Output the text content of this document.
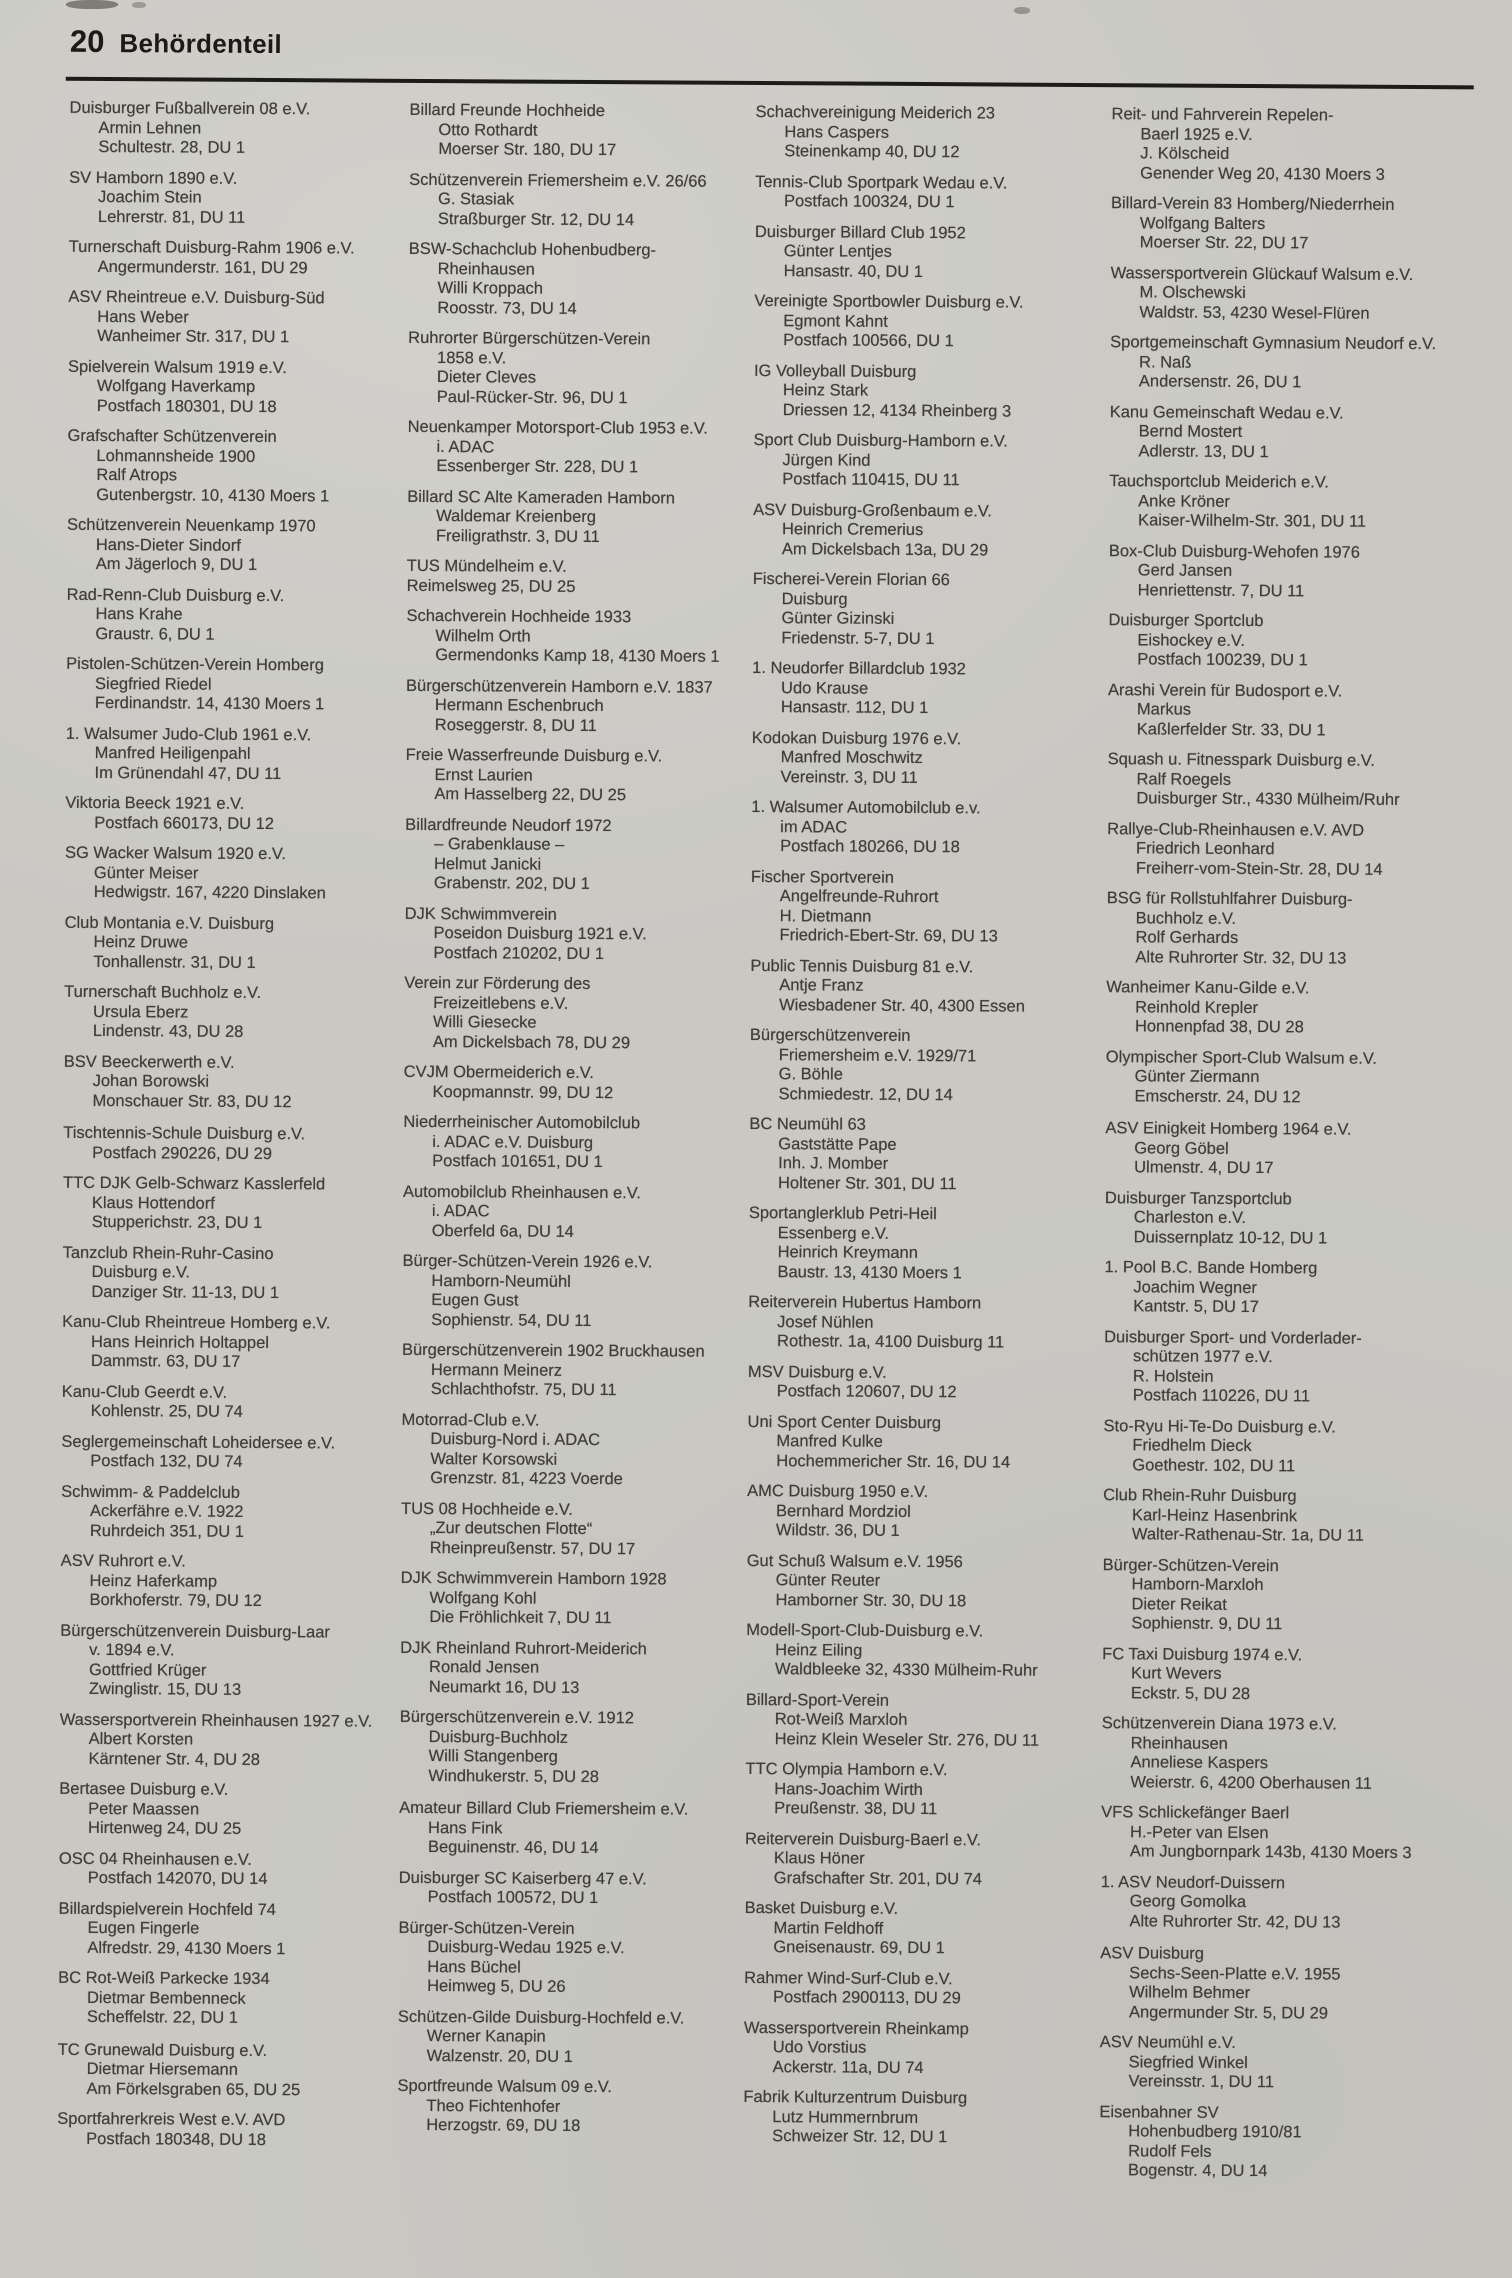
20 Behördenteil
Duisburger Fußballverein 08 e.V.
Armin Lehnen
Schultestr. 28, DU 1
SV Hamborn 1890 e.V.
Joachim Stein
Lehrerstr. 81, DU 11
Turnerschaft Duisburg-Rahm 1906 e.V.
Angermunderstr. 161, DU 29
ASV Rheintreue e.V. Duisburg-Süd
Hans Weber
Wanheimer Str. 317, DU 1
Spielverein Walsum 1919 e.V.
Wolfgang Haverkamp
Postfach 180301, DU 18
Grafschafter Schützenverein
Lohmannsheide 1900
Ralf Atrops
Gutenbergstr. 10, 4130 Moers 1
Schützenverein Neuenkamp 1970
Hans-Dieter Sindorf
Am Jägerloch 9, DU 1
Rad-Renn-Club Duisburg e.V.
Hans Krahe
Graustr. 6, DU 1
Pistolen-Schützen-Verein Homberg
Siegfried Riedel
Ferdinandstr. 14, 4130 Moers 1
1. Walsumer Judo-Club 1961 e.V.
Manfred Heiligenpahl
Im Grünendahl 47, DU 11
Viktoria Beeck 1921 e.V.
Postfach 660173, DU 12
SG Wacker Walsum 1920 e.V.
Günter Meiser
Hedwigstr. 167, 4220 Dinslaken
Club Montania e.V. Duisburg
Heinz Druwe
Tonhallenstr. 31, DU 1
Turnerschaft Buchholz e.V.
Ursula Eberz
Lindenstr. 43, DU 28
BSV Beeckerwerth e.V.
Johan Borowski
Monschauer Str. 83, DU 12
Tischtennis-Schule Duisburg e.V.
Postfach 290226, DU 29
TTC DJK Gelb-Schwarz Kasslerfeld
Klaus Hottendorf
Stupperichstr. 23, DU 1
Tanzclub Rhein-Ruhr-Casino
Duisburg e.V.
Danziger Str. 11-13, DU 1
Kanu-Club Rheintreue Homberg e.V.
Hans Heinrich Holtappel
Dammstr. 63, DU 17
Kanu-Club Geerdt e.V.
Kohlenstr. 25, DU 74
Seglergemeinschaft Loheidersee e.V.
Postfach 132, DU 74
Schwimm- & Paddelclub
Ackerfähre e.V. 1922
Ruhrdeich 351, DU 1
ASV Ruhrort e.V.
Heinz Haferkamp
Borkhoferstr. 79, DU 12
Bürgerschützenverein Duisburg-Laar
v. 1894 e.V.
Gottfried Krüger
Zwinglistr. 15, DU 13
Wassersportverein Rheinhausen 1927 e.V.
Albert Korsten
Kärntener Str. 4, DU 28
Bertasee Duisburg e.V.
Peter Maassen
Hirtenweg 24, DU 25
OSC 04 Rheinhausen e.V.
Postfach 142070, DU 14
Billardspielverein Hochfeld 74
Eugen Fingerle
Alfredstr. 29, 4130 Moers 1
BC Rot-Weiß Parkecke 1934
Dietmar Bembenneck
Scheffelstr. 22, DU 1
TC Grunewald Duisburg e.V.
Dietmar Hiersemann
Am Förkelsgraben 65, DU 25
Sportfahrerkreis West e.V. AVD
Postfach 180348, DU 18
Billard Freunde Hochheide
Otto Rothardt
Moerser Str. 180, DU 17
Schützenverein Friemersheim e.V. 26/66
G. Stasiak
Straßburger Str. 12, DU 14
BSW-Schachclub Hohenbudberg-
Rheinhausen
Willi Kroppach
Roosstr. 73, DU 14
Ruhrorter Bürgerschützen-Verein
1858 e.V.
Dieter Cleves
Paul-Rücker-Str. 96, DU 1
Neuenkamper Motorsport-Club 1953 e.V.
i. ADAC
Essenberger Str. 228, DU 1
Billard SC Alte Kameraden Hamborn
Waldemar Kreienberg
Freiligrathstr. 3, DU 11
TUS Mündelheim e.V.
Reimelsweg 25, DU 25
Schachverein Hochheide 1933
Wilhelm Orth
Germendonks Kamp 18, 4130 Moers 1
Bürgerschützenverein Hamborn e.V. 1837
Hermann Eschenbruch
Roseggerstr. 8, DU 11
Freie Wasserfreunde Duisburg e.V.
Ernst Laurien
Am Hasselberg 22, DU 25
Billardfreunde Neudorf 1972
– Grabenklause –
Helmut Janicki
Grabenstr. 202, DU 1
DJK Schwimmverein
Poseidon Duisburg 1921 e.V.
Postfach 210202, DU 1
Verein zur Förderung des
Freizeitlebens e.V.
Willi Giesecke
Am Dickelsbach 78, DU 29
CVJM Obermeiderich e.V.
Koopmannstr. 99, DU 12
Niederrheinischer Automobilclub
i. ADAC e.V. Duisburg
Postfach 101651, DU 1
Automobilclub Rheinhausen e.V.
i. ADAC
Oberfeld 6a, DU 14
Bürger-Schützen-Verein 1926 e.V.
Hamborn-Neumühl
Eugen Gust
Sophienstr. 54, DU 11
Bürgerschützenverein 1902 Bruckhausen
Hermann Meinerz
Schlachthofstr. 75, DU 11
Motorrad-Club e.V.
Duisburg-Nord i. ADAC
Walter Korsowski
Grenzstr. 81, 4223 Voerde
TUS 08 Hochheide e.V.
„Zur deutschen Flotte“
Rheinpreußenstr. 57, DU 17
DJK Schwimmverein Hamborn 1928
Wolfgang Kohl
Die Fröhlichkeit 7, DU 11
DJK Rheinland Ruhrort-Meiderich
Ronald Jensen
Neumarkt 16, DU 13
Bürgerschützenverein e.V. 1912
Duisburg-Buchholz
Willi Stangenberg
Windhukerstr. 5, DU 28
Amateur Billard Club Friemersheim e.V.
Hans Fink
Beguinenstr. 46, DU 14
Duisburger SC Kaiserberg 47 e.V.
Postfach 100572, DU 1
Bürger-Schützen-Verein
Duisburg-Wedau 1925 e.V.
Hans Büchel
Heimweg 5, DU 26
Schützen-Gilde Duisburg-Hochfeld e.V.
Werner Kanapin
Walzenstr. 20, DU 1
Sportfreunde Walsum 09 e.V.
Theo Fichtenhofer
Herzogstr. 69, DU 18
Schachvereinigung Meiderich 23
Hans Caspers
Steinenkamp 40, DU 12
Tennis-Club Sportpark Wedau e.V.
Postfach 100324, DU 1
Duisburger Billard Club 1952
Günter Lentjes
Hansastr. 40, DU 1
Vereinigte Sportbowler Duisburg e.V.
Egmont Kahnt
Postfach 100566, DU 1
IG Volleyball Duisburg
Heinz Stark
Driessen 12, 4134 Rheinberg 3
Sport Club Duisburg-Hamborn e.V.
Jürgen Kind
Postfach 110415, DU 11
ASV Duisburg-Großenbaum e.V.
Heinrich Cremerius
Am Dickelsbach 13a, DU 29
Fischerei-Verein Florian 66
Duisburg
Günter Gizinski
Friedenstr. 5-7, DU 1
1. Neudorfer Billardclub 1932
Udo Krause
Hansastr. 112, DU 1
Kodokan Duisburg 1976 e.V.
Manfred Moschwitz
Vereinstr. 3, DU 11
1. Walsumer Automobilclub e.v.
im ADAC
Postfach 180266, DU 18
Fischer Sportverein
Angelfreunde-Ruhrort
H. Dietmann
Friedrich-Ebert-Str. 69, DU 13
Public Tennis Duisburg 81 e.V.
Antje Franz
Wiesbadener Str. 40, 4300 Essen
Bürgerschützenverein
Friemersheim e.V. 1929/71
G. Böhle
Schmiedestr. 12, DU 14
BC Neumühl 63
Gaststätte Pape
Inh. J. Momber
Holtener Str. 301, DU 11
Sportanglerklub Petri-Heil
Essenberg e.V.
Heinrich Kreymann
Baustr. 13, 4130 Moers 1
Reiterverein Hubertus Hamborn
Josef Nühlen
Rothestr. 1a, 4100 Duisburg 11
MSV Duisburg e.V.
Postfach 120607, DU 12
Uni Sport Center Duisburg
Manfred Kulke
Hochemmericher Str. 16, DU 14
AMC Duisburg 1950 e.V.
Bernhard Mordziol
Wildstr. 36, DU 1
Gut Schuß Walsum e.V. 1956
Günter Reuter
Hamborner Str. 30, DU 18
Modell-Sport-Club-Duisburg e.V.
Heinz Eiling
Waldbleeke 32, 4330 Mülheim-Ruhr
Billard-Sport-Verein
Rot-Weiß Marxloh
Heinz Klein Weseler Str. 276, DU 11
TTC Olympia Hamborn e.V.
Hans-Joachim Wirth
Preußenstr. 38, DU 11
Reiterverein Duisburg-Baerl e.V.
Klaus Höner
Grafschafter Str. 201, DU 74
Basket Duisburg e.V.
Martin Feldhoff
Gneisenaustr. 69, DU 1
Rahmer Wind-Surf-Club e.V.
Postfach 2900113, DU 29
Wassersportverein Rheinkamp
Udo Vorstius
Ackerstr. 11a, DU 74
Fabrik Kulturzentrum Duisburg
Lutz Hummernbrum
Schweizer Str. 12, DU 1
Reit- und Fahrverein Repelen-
Baerl 1925 e.V.
J. Kölscheid
Genender Weg 20, 4130 Moers 3
Billard-Verein 83 Homberg/Niederrhein
Wolfgang Balters
Moerser Str. 22, DU 17
Wassersportverein Glückauf Walsum e.V.
M. Olschewski
Waldstr. 53, 4230 Wesel-Flüren
Sportgemeinschaft Gymnasium Neudorf e.V.
R. Naß
Andersenstr. 26, DU 1
Kanu Gemeinschaft Wedau e.V.
Bernd Mostert
Adlerstr. 13, DU 1
Tauchsportclub Meiderich e.V.
Anke Kröner
Kaiser-Wilhelm-Str. 301, DU 11
Box-Club Duisburg-Wehofen 1976
Gerd Jansen
Henriettenstr. 7, DU 11
Duisburger Sportclub
Eishockey e.V.
Postfach 100239, DU 1
Arashi Verein für Budosport e.V.
Markus
Kaßlerfelder Str. 33, DU 1
Squash u. Fitnesspark Duisburg e.V.
Ralf Roegels
Duisburger Str., 4330 Mülheim/Ruhr
Rallye-Club-Rheinhausen e.V. AVD
Friedrich Leonhard
Freiherr-vom-Stein-Str. 28, DU 14
BSG für Rollstuhlfahrer Duisburg-
Buchholz e.V.
Rolf Gerhards
Alte Ruhrorter Str. 32, DU 13
Wanheimer Kanu-Gilde e.V.
Reinhold Krepler
Honnenpfad 38, DU 28
Olympischer Sport-Club Walsum e.V.
Günter Ziermann
Emscherstr. 24, DU 12
ASV Einigkeit Homberg 1964 e.V.
Georg Göbel
Ulmenstr. 4, DU 17
Duisburger Tanzsportclub
Charleston e.V.
Duissernplatz 10-12, DU 1
1. Pool B.C. Bande Homberg
Joachim Wegner
Kantstr. 5, DU 17
Duisburger Sport- und Vorderlader-
schützen 1977 e.V.
R. Holstein
Postfach 110226, DU 11
Sto-Ryu Hi-Te-Do Duisburg e.V.
Friedhelm Dieck
Goethestr. 102, DU 11
Club Rhein-Ruhr Duisburg
Karl-Heinz Hasenbrink
Walter-Rathenau-Str. 1a, DU 11
Bürger-Schützen-Verein
Hamborn-Marxloh
Dieter Reikat
Sophienstr. 9, DU 11
FC Taxi Duisburg 1974 e.V.
Kurt Wevers
Eckstr. 5, DU 28
Schützenverein Diana 1973 e.V.
Rheinhausen
Anneliese Kaspers
Weierstr. 6, 4200 Oberhausen 11
VFS Schlickefänger Baerl
H.-Peter van Elsen
Am Jungbornpark 143b, 4130 Moers 3
1. ASV Neudorf-Duissern
Georg Gomolka
Alte Ruhrorter Str. 42, DU 13
ASV Duisburg
Sechs-Seen-Platte e.V. 1955
Wilhelm Behmer
Angermunder Str. 5, DU 29
ASV Neumühl e.V.
Siegfried Winkel
Vereinsstr. 1, DU 11
Eisenbahner SV
Hohenbudberg 1910/81
Rudolf Fels
Bogenstr. 4, DU 14
